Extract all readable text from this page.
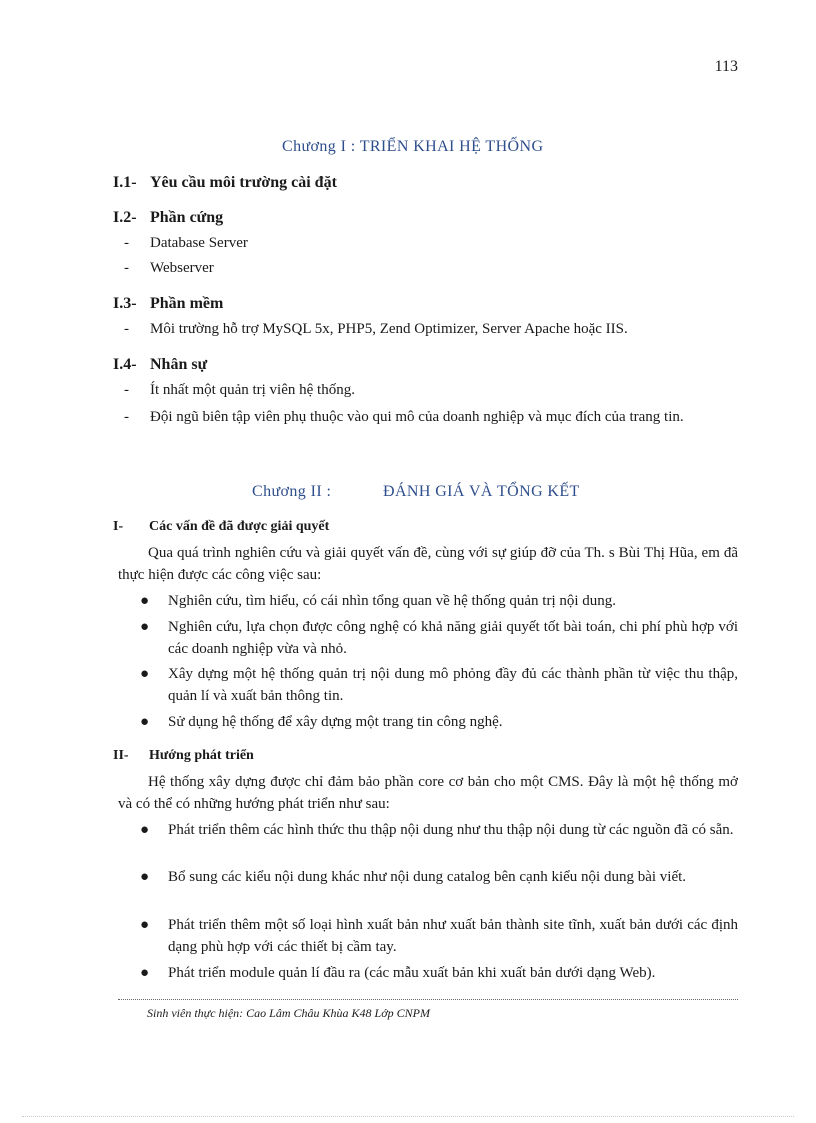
113
Chương I : TRIỂN KHAI HỆ THỐNG
I.1- Yêu cầu môi trường cài đặt
I.2- Phần cứng
- Database Server
- Webserver
I.3- Phần mềm
- Môi trường hỗ trợ MySQL 5x, PHP5, Zend Optimizer, Server Apache hoặc IIS.
I.4- Nhân sự
- Ít nhất một quản trị viên hệ thống.
- Đội ngũ biên tập viên phụ thuộc vào qui mô của doanh nghiệp và mục đích của trang tin.
Chương II :	ĐÁNH GIÁ VÀ TỔNG KẾT
I- Các vấn đề đã được giải quyết
Qua quá trình nghiên cứu và giải quyết vấn đề, cùng với sự giúp đỡ của Th. s Bùi Thị Hũa, em đã thực hiện được các công việc sau:
● Nghiên cứu, tìm hiểu, có cái nhìn tổng quan về hệ thống quản trị nội dung.
● Nghiên cứu, lựa chọn được công nghệ có khả năng giải quyết tốt bài toán, chi phí phù hợp với các doanh nghiệp vừa và nhỏ.
● Xây dựng một hệ thống quản trị nội dung mô phỏng đầy đủ các thành phần từ việc thu thập, quản lí và xuất bản thông tin.
● Sử dụng hệ thống để xây dựng một trang tin công nghệ.
II- Hướng phát triển
Hệ thống xây dựng được chỉ đảm bảo phần core cơ bản cho một CMS. Đây là một hệ thống mở và có thể có những hướng phát triển như sau:
● Phát triển thêm các hình thức thu thập nội dung như thu thập nội dung từ các nguồn đã có sẵn.
● Bổ sung các kiểu nội dung khác như nội dung catalog bên cạnh kiểu nội dung bài viết.
● Phát triển thêm một số loại hình xuất bản như xuất bản thành site tĩnh, xuất bản dưới các định dạng phù hợp với các thiết bị cầm tay.
● Phát triển module quản lí đầu ra (các mẫu xuất bản khi xuất bản dưới dạng Web).
Sinh viên thực hiện: Cao Lâm Châu Khùa K48 Lớp CNPM
